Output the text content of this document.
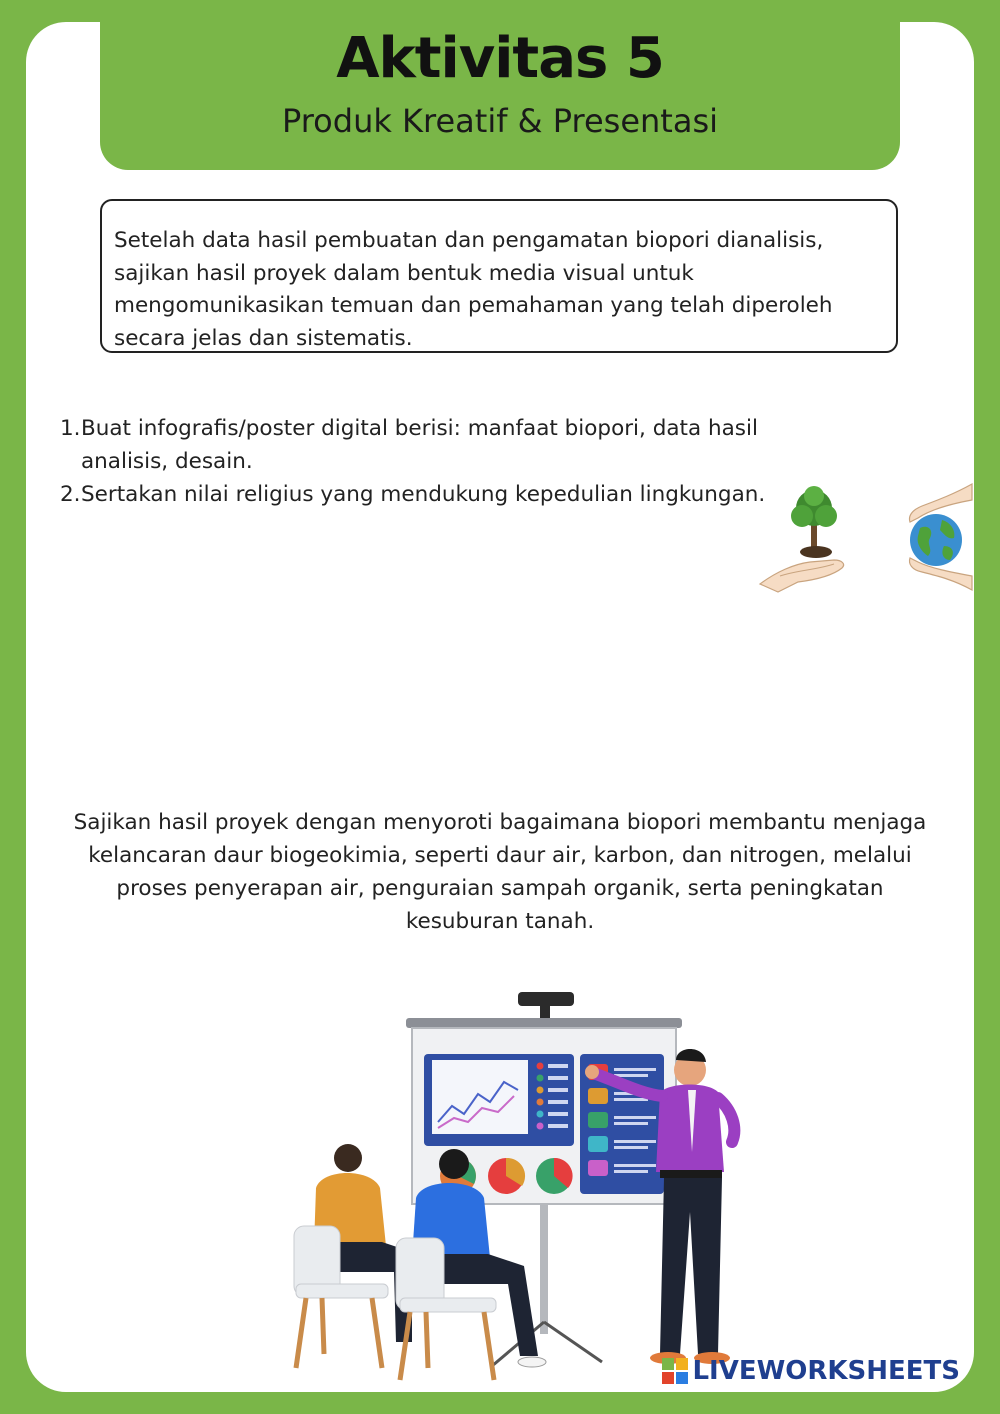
Aktivitas 5
Produk Kreatif & Presentasi

Setelah data hasil pembuatan dan pengamatan biopori dianalisis, sajikan hasil proyek dalam bentuk media visual untuk mengomunikasikan temuan dan pemahaman yang telah diperoleh secara jelas dan sistematis.

1. Buat infografis/poster digital berisi: manfaat biopori, data hasil analisis, desain.
2. Sertakan nilai religius yang mendukung kepedulian lingkungan.
Sajikan hasil proyek dengan menyoroti bagaimana biopori membantu menjaga kelancaran daur biogeokimia, seperti daur air, karbon, dan nitrogen, melalui proses penyerapan air, penguraian sampah organik, serta peningkatan kesuburan tanah.
LIVEWORKSHEETS
